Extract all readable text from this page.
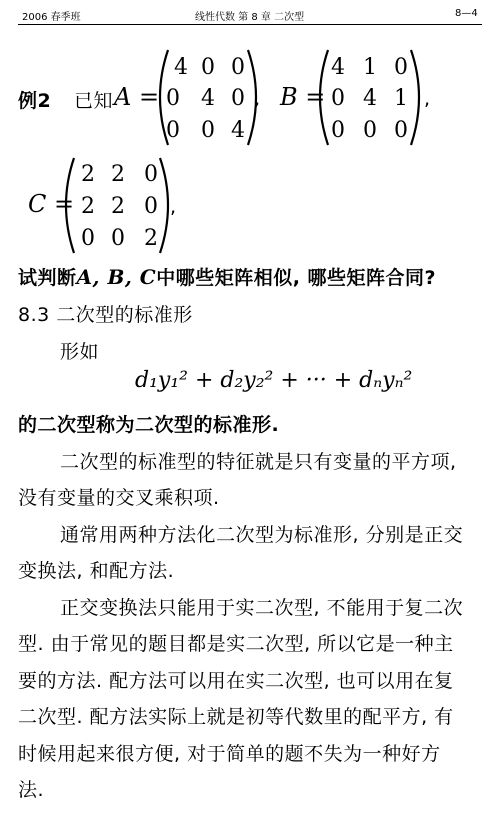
2006 春季班	线性代数 第 8 章 二次型	8—4
例2 已知 A =
4 0 0
0 4 0
0 0 4
, B =
4 1 0
0 4 1
0 0 0
,
C =
2 2 0
2 2 0
0 0 2
,
试判断A, B, C中哪些矩阵相似, 哪些矩阵合同?
8.3 二次型的标准形
形如
d₁y₁² + d₂y₂² + ··· + dₙyₙ²
的二次型称为二次型的标准形.
二次型的标准型的特征就是只有变量的平方项,
没有变量的交叉乘积项.
通常用两种方法化二次型为标准形, 分别是正交
变换法, 和配方法.
正交变换法只能用于实二次型, 不能用于复二次
型. 由于常见的题目都是实二次型, 所以它是一种主
要的方法. 配方法可以用在实二次型, 也可以用在复
二次型. 配方法实际上就是初等代数里的配平方, 有
时候用起来很方便, 对于简单的题不失为一种好方
法.
